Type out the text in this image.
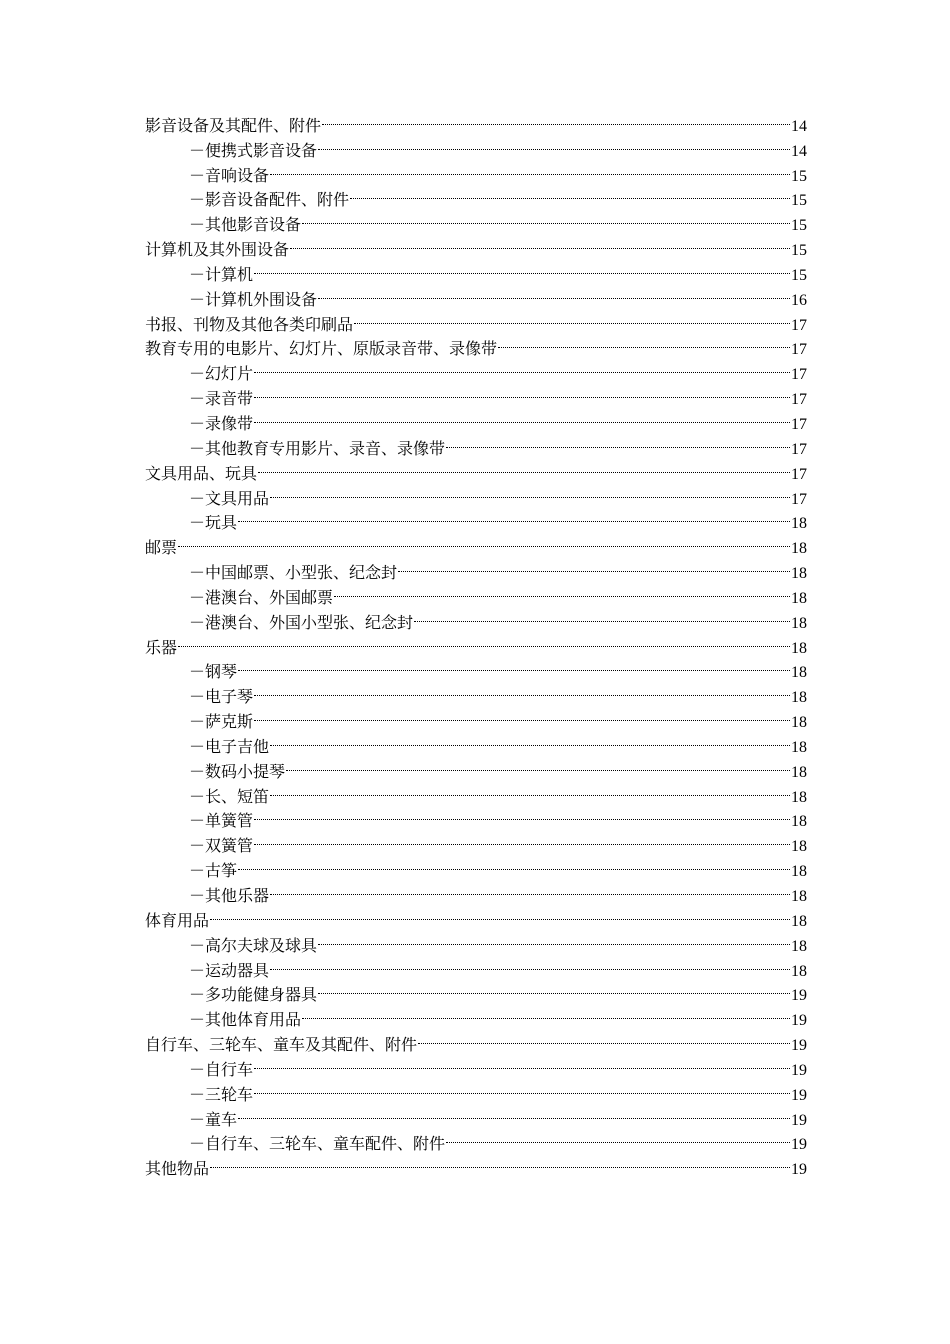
影音设备及其配件、附件	14
－便携式影音设备	14
－音响设备	15
－影音设备配件、附件	15
－其他影音设备	15
计算机及其外围设备	15
－计算机	15
－计算机外围设备	16
书报、刊物及其他各类印刷品	17
教育专用的电影片、幻灯片、原版录音带、录像带	17
－幻灯片	17
－录音带	17
－录像带	17
－其他教育专用影片、录音、录像带	17
文具用品、玩具	17
－文具用品	17
－玩具	18
邮票	18
－中国邮票、小型张、纪念封	18
－港澳台、外国邮票	18
－港澳台、外国小型张、纪念封	18
乐器	18
－钢琴	18
－电子琴	18
－萨克斯	18
－电子吉他	18
－数码小提琴	18
－长、短笛	18
－单簧管	18
－双簧管	18
－古筝	18
－其他乐器	18
体育用品	18
－高尔夫球及球具	18
－运动器具	18
－多功能健身器具	19
－其他体育用品	19
自行车、三轮车、童车及其配件、附件	19
－自行车	19
－三轮车	19
－童车	19
－自行车、三轮车、童车配件、附件	19
其他物品	19
